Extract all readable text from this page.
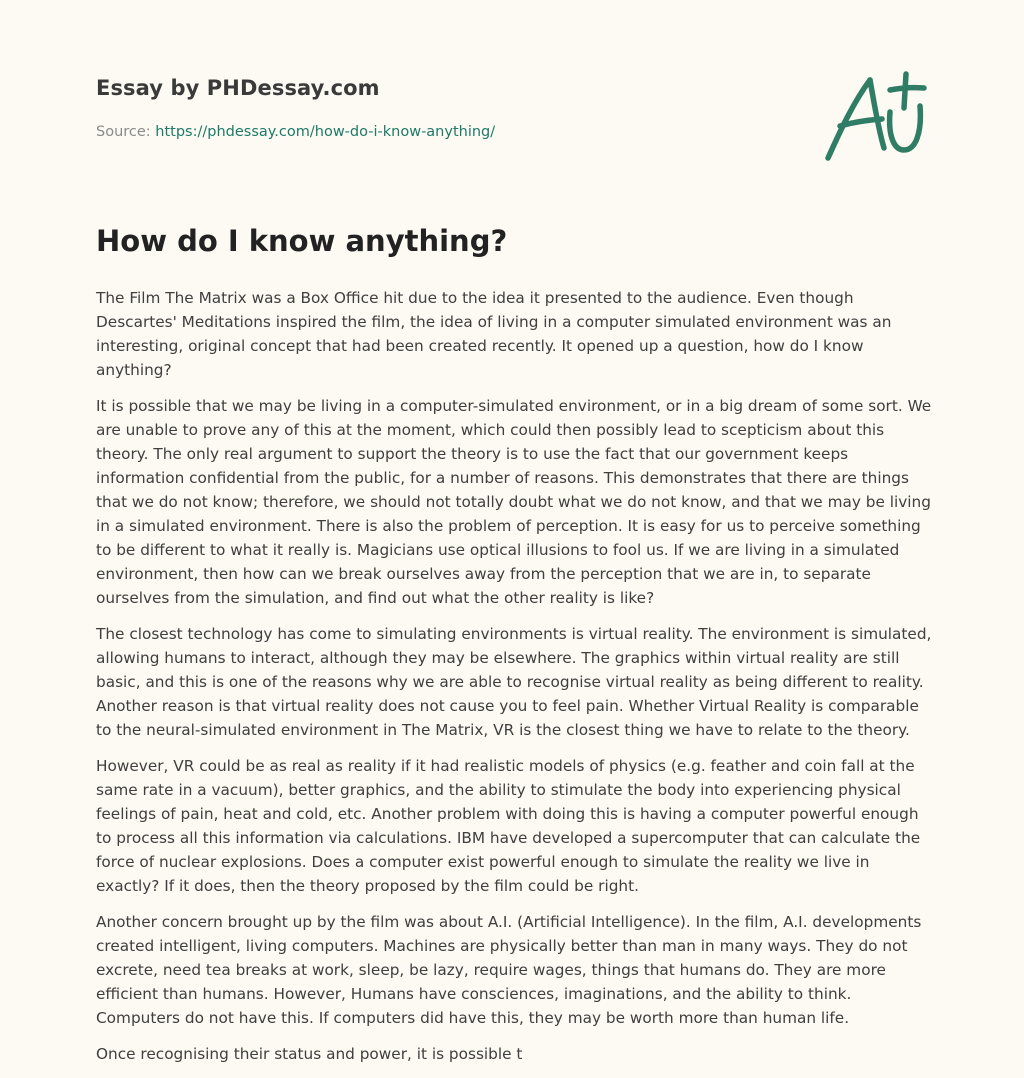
Essay by PHDessay.com

Source: https://phdessay.com/how-do-i-know-anything/

How do I know anything?

The Film The Matrix was a Box Office hit due to the idea it presented to the audience. Even though Descartes' Meditations inspired the film, the idea of living in a computer simulated environment was an interesting, original concept that had been created recently. It opened up a question, how do I know anything?

It is possible that we may be living in a computer-simulated environment, or in a big dream of some sort. We are unable to prove any of this at the moment, which could then possibly lead to scepticism about this theory. The only real argument to support the theory is to use the fact that our government keeps information confidential from the public, for a number of reasons. This demonstrates that there are things that we do not know; therefore, we should not totally doubt what we do not know, and that we may be living in a simulated environment. There is also the problem of perception. It is easy for us to perceive something to be different to what it really is. Magicians use optical illusions to fool us. If we are living in a simulated environment, then how can we break ourselves away from the perception that we are in, to separate ourselves from the simulation, and find out what the other reality is like?

The closest technology has come to simulating environments is virtual reality. The environment is simulated, allowing humans to interact, although they may be elsewhere. The graphics within virtual reality are still basic, and this is one of the reasons why we are able to recognise virtual reality as being different to reality. Another reason is that virtual reality does not cause you to feel pain. Whether Virtual Reality is comparable to the neural-simulated environment in The Matrix, VR is the closest thing we have to relate to the theory.

However, VR could be as real as reality if it had realistic models of physics (e.g. feather and coin fall at the same rate in a vacuum), better graphics, and the ability to stimulate the body into experiencing physical feelings of pain, heat and cold, etc. Another problem with doing this is having a computer powerful enough to process all this information via calculations. IBM have developed a supercomputer that can calculate the force of nuclear explosions. Does a computer exist powerful enough to simulate the reality we live in exactly? If it does, then the theory proposed by the film could be right.

Another concern brought up by the film was about A.I. (Artificial Intelligence). In the film, A.I. developments created intelligent, living computers. Machines are physically better than man in many ways. They do not excrete, need tea breaks at work, sleep, be lazy, require wages, things that humans do. They are more efficient than humans. However, Humans have consciences, imaginations, and the ability to think. Computers do not have this. If computers did have this, they may be worth more than human life.

Once recognising their status and power, it is possible t
